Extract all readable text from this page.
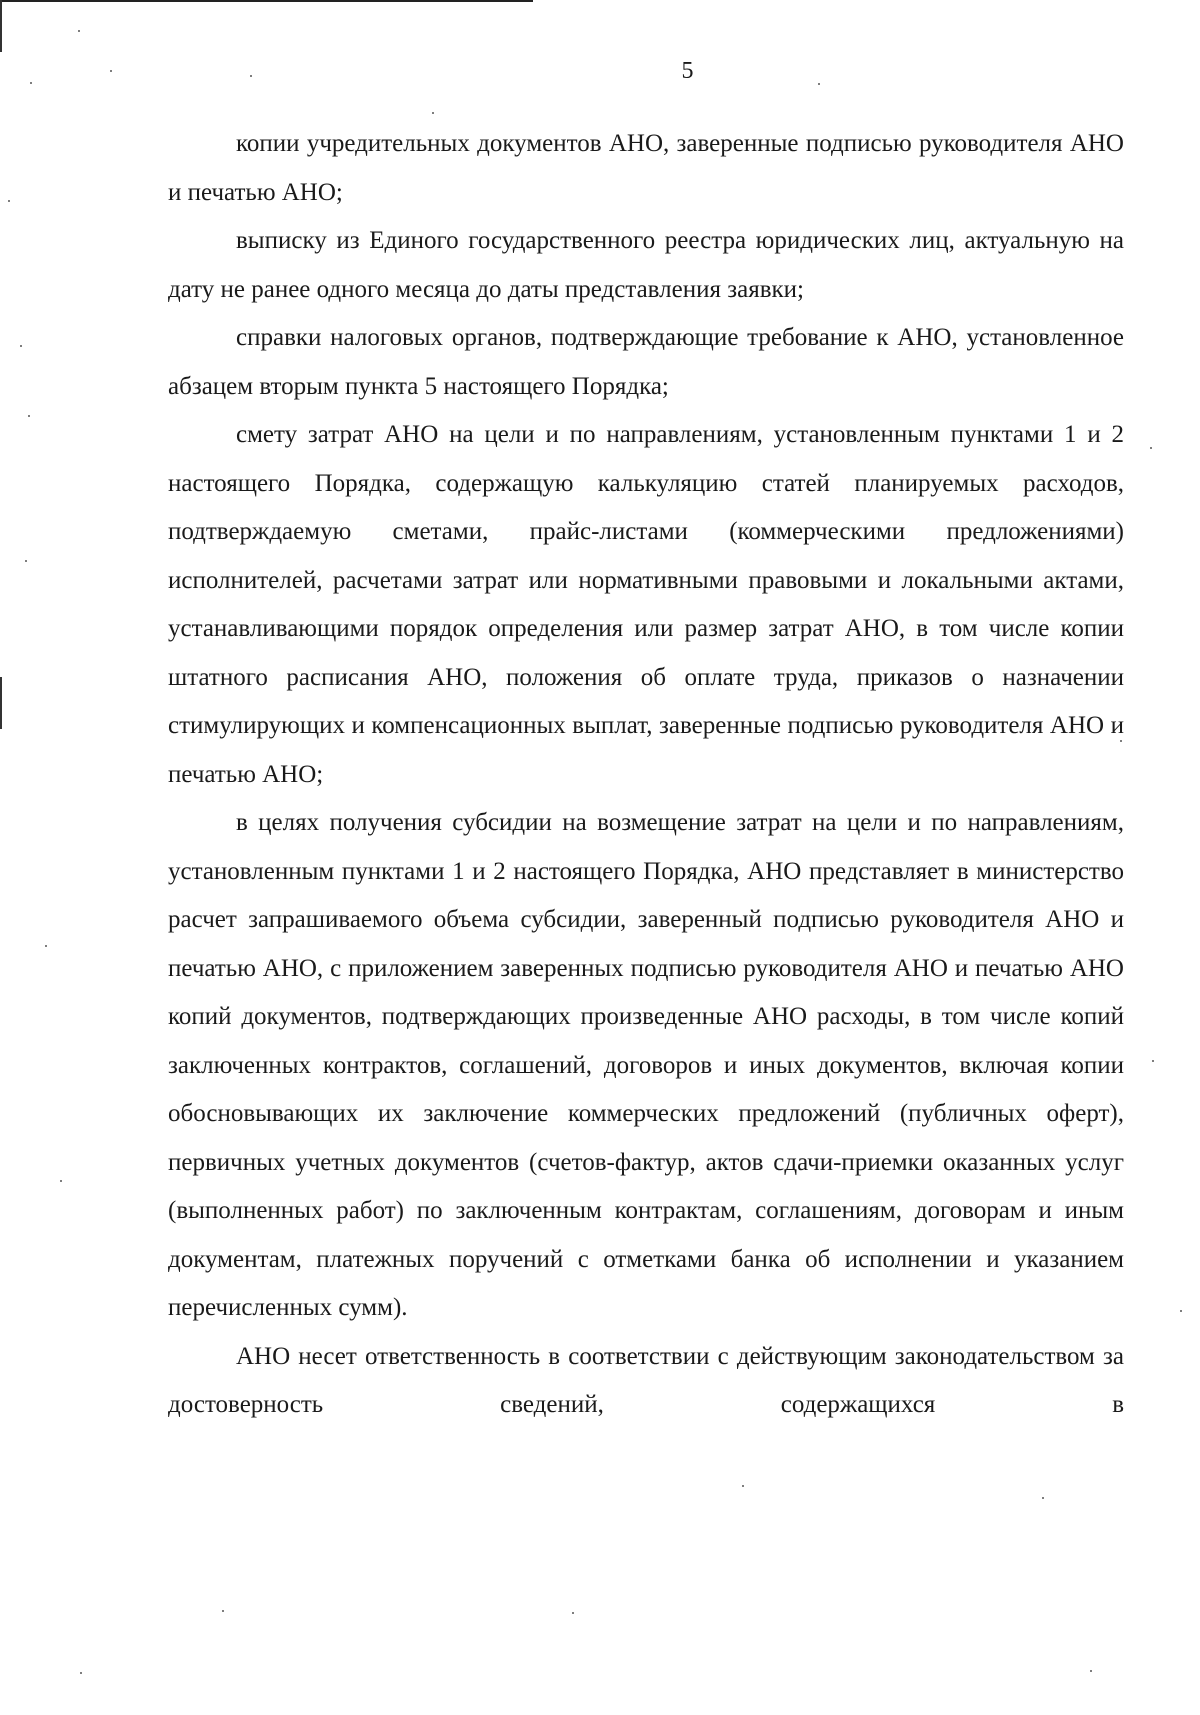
5

копии учредительных документов АНО, заверенные подписью руководителя АНО и печатью АНО;

выписку из Единого государственного реестра юридических лиц, актуальную на дату не ранее одного месяца до даты представления заявки;

справки налоговых органов, подтверждающие требование к АНО, установленное абзацем вторым пункта 5 настоящего Порядка;

смету затрат АНО на цели и по направлениям, установленным пунктами 1 и 2 настоящего Порядка, содержащую калькуляцию статей планируемых расходов, подтверждаемую сметами, прайс-листами (коммерческими предложениями) исполнителей, расчетами затрат или нормативными правовыми и локальными актами, устанавливающими порядок определения или размер затрат АНО, в том числе копии штатного расписания АНО, положения об оплате труда, приказов о назначении стимулирующих и компенсационных выплат, заверенные подписью руководителя АНО и печатью АНО;

в целях получения субсидии на возмещение затрат на цели и по направлениям, установленным пунктами 1 и 2 настоящего Порядка, АНО представляет в министерство расчет запрашиваемого объема субсидии, заверенный подписью руководителя АНО и печатью АНО, с приложением заверенных подписью руководителя АНО и печатью АНО копий документов, подтверждающих произведенные АНО расходы, в том числе копий заключенных контрактов, соглашений, договоров и иных документов, включая копии обосновывающих их заключение коммерческих предложений (публичных оферт), первичных учетных документов (счетов-фактур, актов сдачи-приемки оказанных услуг (выполненных работ) по заключенным контрактам, соглашениям, договорам и иным документам, платежных поручений с отметками банка об исполнении и указанием перечисленных сумм).

АНО несет ответственность в соответствии с действующим законодательством за достоверность сведений, содержащихся в
